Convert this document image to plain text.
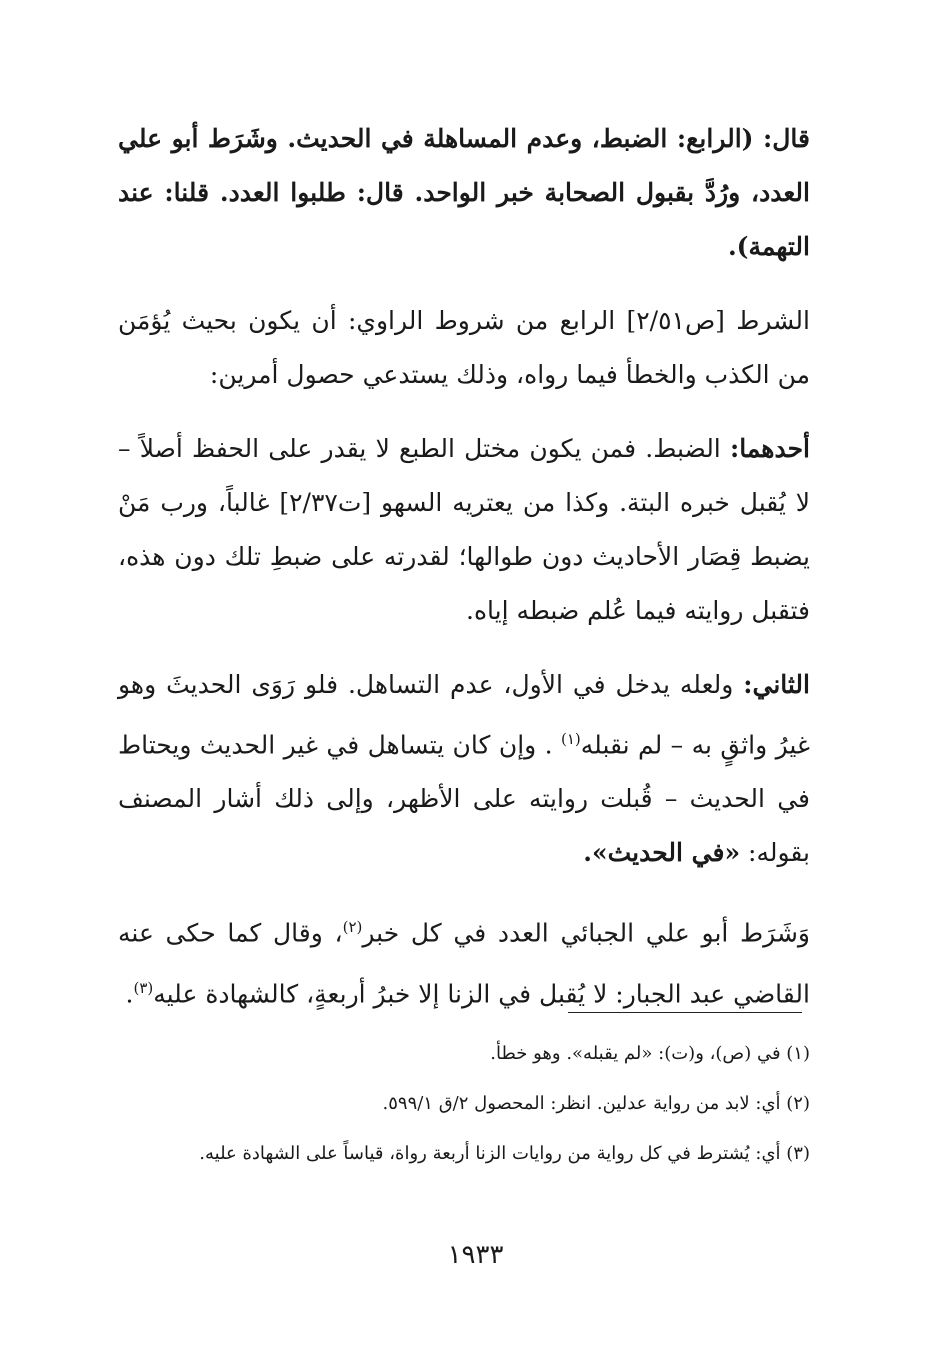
قال: (الرابع: الضبط، وعدم المساهلة في الحديث. وشَرَط أبو علي العدد، ورُدَّ بقبول الصحابة خبر الواحد. قال: طلبوا العدد. قلنا: عند التهمة).

الشرط [ص٢/٥١] الرابع من شروط الراوي: أن يكون بحيث يُؤمَن من الكذب والخطأ فيما رواه، وذلك يستدعي حصول أمرين:

أحدهما: الضبط. فمن يكون مختل الطبع لا يقدر على الحفظ أصلاً – لا يُقبل خبره البتة. وكذا من يعتريه السهو [ت٢/٣٧] غالباً، ورب مَنْ يضبط قِصَار الأحاديث دون طوالها؛ لقدرته على ضبطِ تلك دون هذه، فتقبل روايته فيما عُلم ضبطه إياه.

الثاني: ولعله يدخل في الأول، عدم التساهل. فلو رَوَى الحديثَ وهو غيرُ واثقٍ به – لم نقبله$^{(١)}$ . وإن كان يتساهل في غير الحديث ويحتاط في الحديث – قُبلت روايته على الأظهر، وإلى ذلك أشار المصنف بقوله: «في الحديث».

وَشَرَط أبو علي الجبائي العدد في كل خبر$^{(٢)}$، وقال كما حكى عنه القاضي عبد الجبار: لا يُقبل في الزنا إلا خبرُ أربعةٍ، كالشهادة عليه$^{(٣)}$.

(١) في (ص)، و(ت): «لم يقبله». وهو خطأ.

(٢) أي: لابد من رواية عدلين. انظر: المحصول ٢/ق ٥٩٩/١.

(٣) أي: يُشترط في كل رواية من روايات الزنا أربعة رواة، قياساً على الشهادة عليه.

١٩٣٣
